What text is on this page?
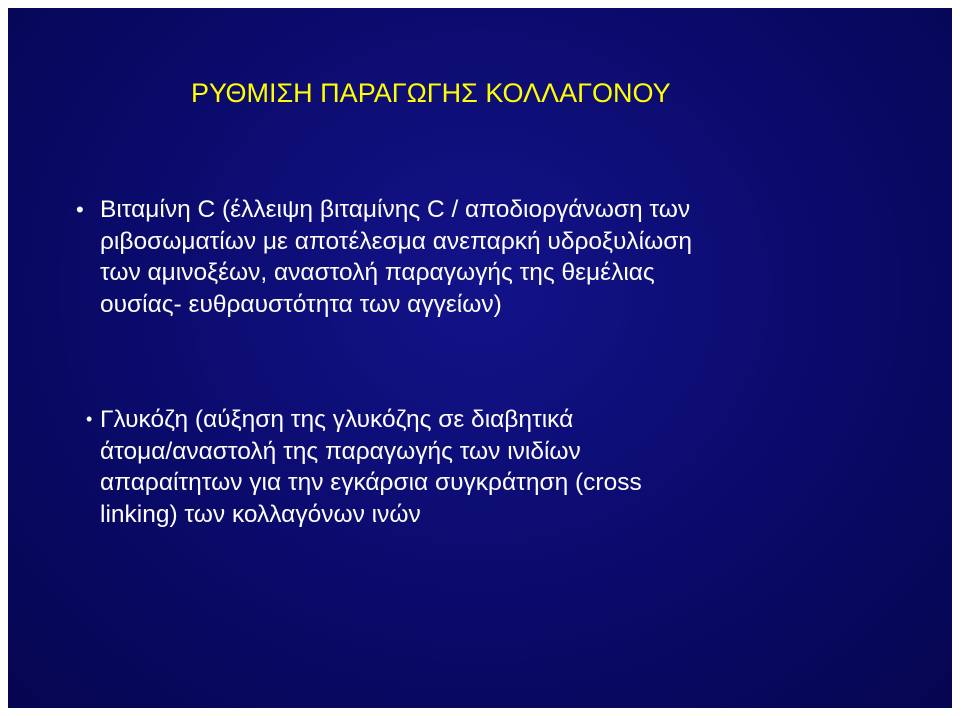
ΡΥΘΜΙΣΗ ΠΑΡΑΓΩΓΗΣ ΚΟΛΛΑΓΟΝΟΥ
• Βιταμίνη C (έλλειψη βιταμίνης C / αποδιοργάνωση των
ριβοσωματίων με αποτέλεσμα ανεπαρκή υδροξυλίωση
των αμινοξέων, αναστολή παραγωγής της θεμέλιας
ουσίας- ευθραυστότητα των αγγείων)
• Γλυκόζη (αύξηση της γλυκόζης σε διαβητικά
άτομα/αναστολή της παραγωγής των ινιδίων
απαραίτητων για την εγκάρσια συγκράτηση (cross
linking) των κολλαγόνων ινών
